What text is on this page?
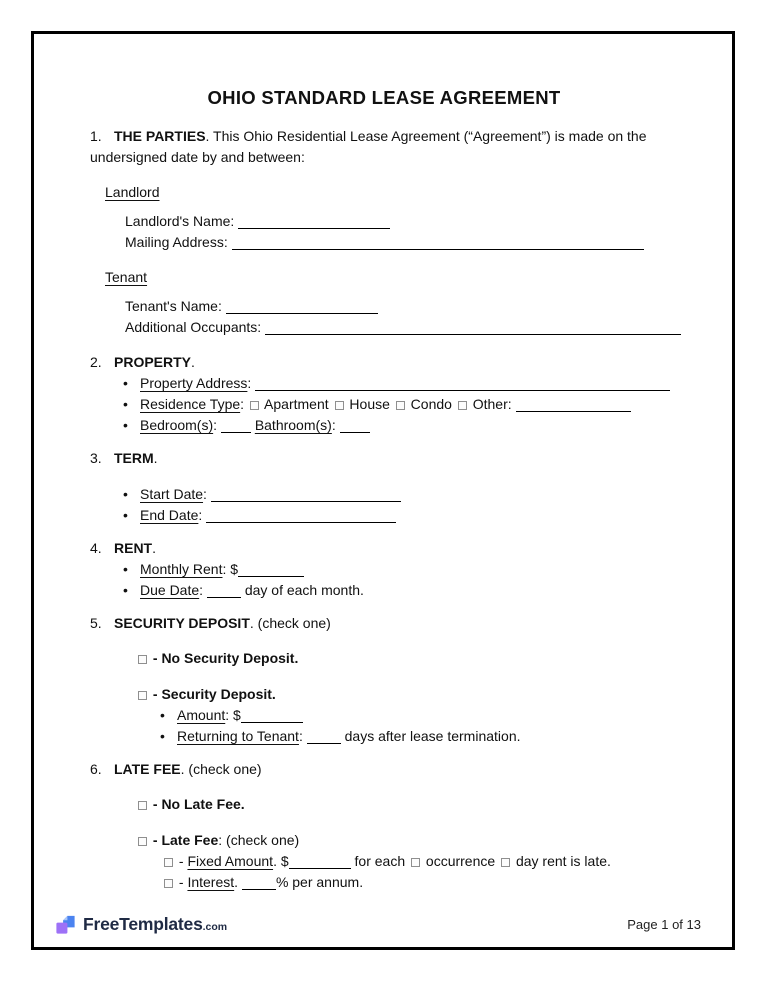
OHIO STANDARD LEASE AGREEMENT

1. THE PARTIES. This Ohio Residential Lease Agreement (“Agreement”) is made on the undersigned date by and between:

Landlord

Landlord's Name:

Mailing Address:

Tenant

Tenant's Name:

Additional Occupants:

2. PROPERTY.

• Property Address:

• Residence Type: Apartment House Condo Other:

• Bedroom(s):	Bathroom(s):

3. TERM.

• Start Date:

• End Date:

4. RENT.

• Monthly Rent: $

• Due Date:	day of each month.

5. SECURITY DEPOSIT. (check one)

- No Security Deposit.

- Security Deposit.

• Amount: $

• Returning to Tenant:	days after lease termination.

6. LATE FEE. (check one)

- No Late Fee.

- Late Fee: (check one)

- Fixed Amount. $	for each occurrence day rent is late.

- Interest.	% per annum.

FreeTemplates.com	Page 1 of 13
